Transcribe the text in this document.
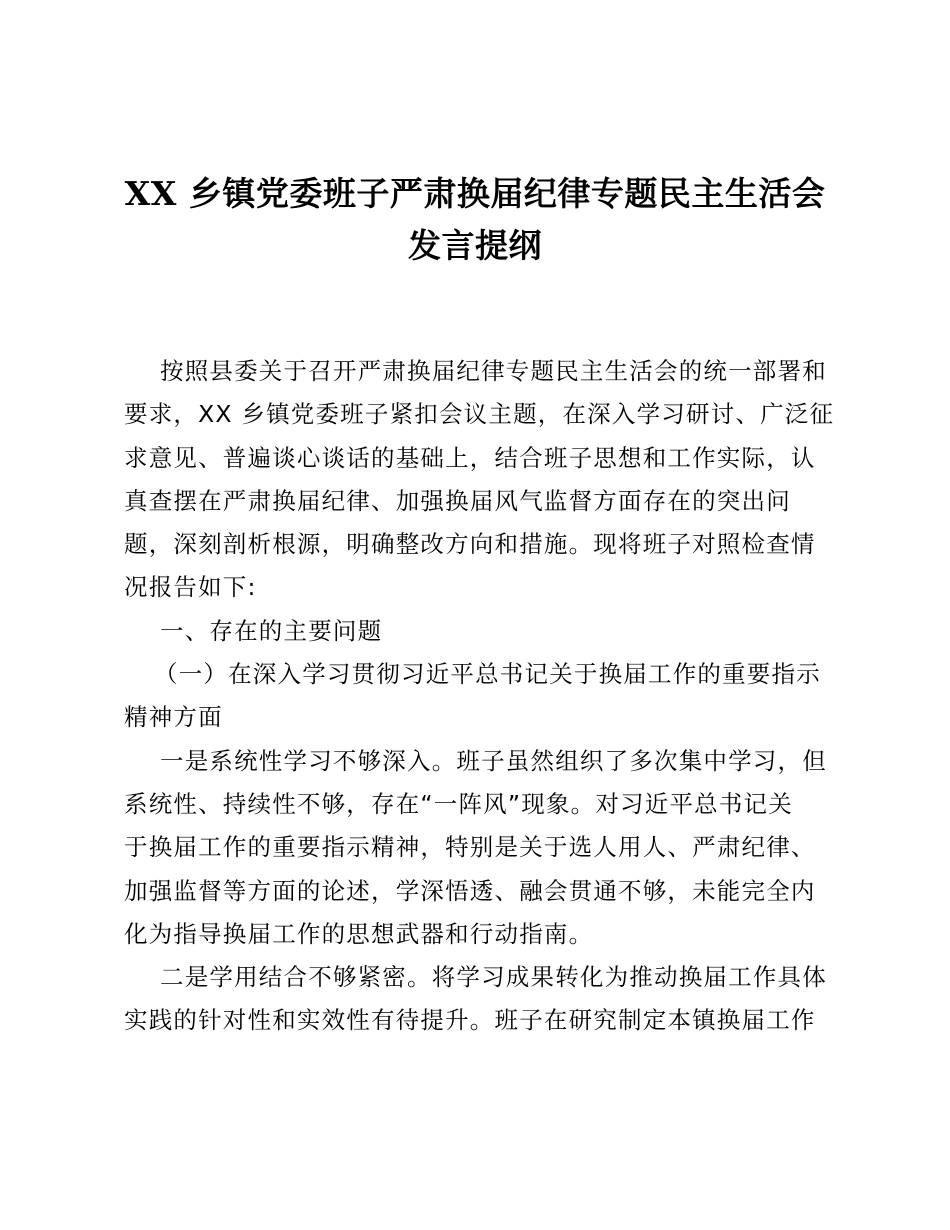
XX 乡镇党委班子严肃换届纪律专题民主生活会
发言提纲
按照县委关于召开严肃换届纪律专题民主生活会的统一部署和
要求，XX 乡镇党委班子紧扣会议主题，在深入学习研讨、广泛征
求意见、普遍谈心谈话的基础上，结合班子思想和工作实际，认
真查摆在严肃换届纪律、加强换届风气监督方面存在的突出问
题，深刻剖析根源，明确整改方向和措施。现将班子对照检查情
况报告如下:
一、存在的主要问题
（一）在深入学习贯彻习近平总书记关于换届工作的重要指示
精神方面
一是系统性学习不够深入。班子虽然组织了多次集中学习，但
系统性、持续性不够，存在“一阵风”现象。对习近平总书记关
于换届工作的重要指示精神，特别是关于选人用人、严肃纪律、
加强监督等方面的论述，学深悟透、融会贯通不够，未能完全内
化为指导换届工作的思想武器和行动指南。
二是学用结合不够紧密。将学习成果转化为推动换届工作具体
实践的针对性和实效性有待提升。班子在研究制定本镇换届工作
